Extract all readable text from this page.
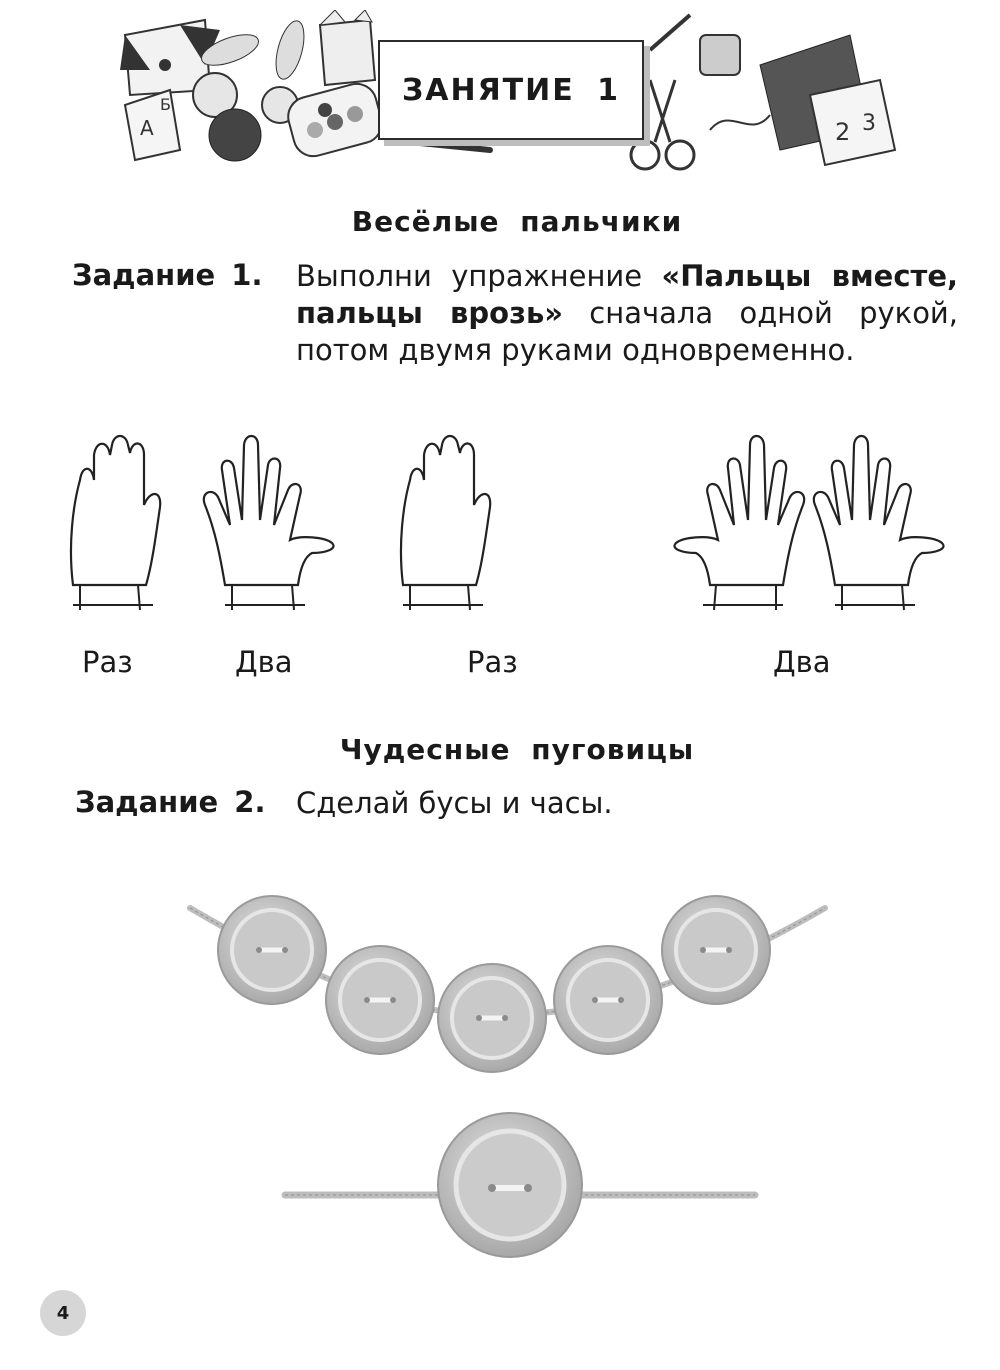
А
Б
2 3
ЗАНЯТИЕ 1
Весёлые пальчики
Задание 1. Выполни упражнение «Пальцы вместе, пальцы врозь» сначала одной рукой, потом двумя руками одновременно.
Раз	Два	Раз	Два
Чудесные пуговицы
Задание 2. Сделай бусы и часы.
4
